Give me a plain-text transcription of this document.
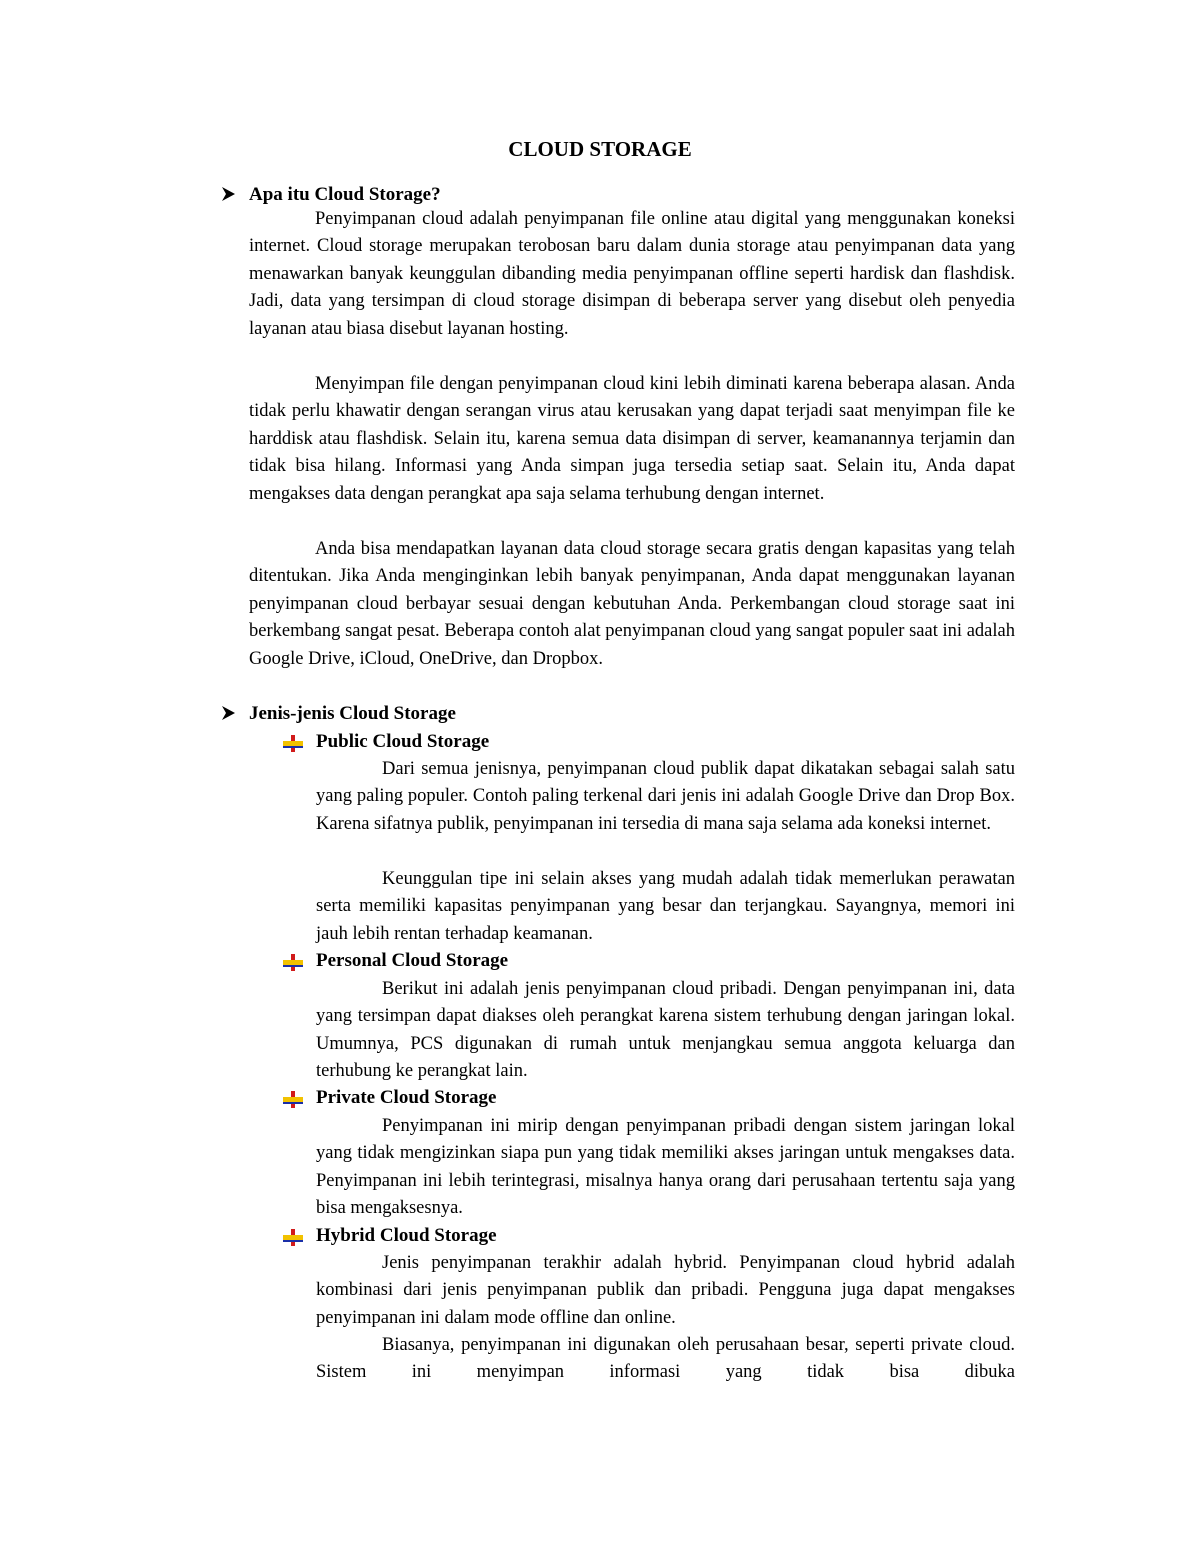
CLOUD STORAGE
Apa itu Cloud Storage?

Penyimpanan cloud adalah penyimpanan file online atau digital yang menggunakan koneksi internet. Cloud storage merupakan terobosan baru dalam dunia storage atau penyimpanan data yang menawarkan banyak keunggulan dibanding media penyimpanan offline seperti hardisk dan flashdisk. Jadi, data yang tersimpan di cloud storage disimpan di beberapa server yang disebut oleh penyedia layanan atau biasa disebut layanan hosting.

Menyimpan file dengan penyimpanan cloud kini lebih diminati karena beberapa alasan. Anda tidak perlu khawatir dengan serangan virus atau kerusakan yang dapat terjadi saat menyimpan file ke harddisk atau flashdisk. Selain itu, karena semua data disimpan di server, keamanannya terjamin dan tidak bisa hilang. Informasi yang Anda simpan juga tersedia setiap saat. Selain itu, Anda dapat mengakses data dengan perangkat apa saja selama terhubung dengan internet.

Anda bisa mendapatkan layanan data cloud storage secara gratis dengan kapasitas yang telah ditentukan. Jika Anda menginginkan lebih banyak penyimpanan, Anda dapat menggunakan layanan penyimpanan cloud berbayar sesuai dengan kebutuhan Anda. Perkembangan cloud storage saat ini berkembang sangat pesat. Beberapa contoh alat penyimpanan cloud yang sangat populer saat ini adalah Google Drive, iCloud, OneDrive, dan Dropbox.

Jenis-jenis Cloud Storage
Public Cloud Storage

Dari semua jenisnya, penyimpanan cloud publik dapat dikatakan sebagai salah satu yang paling populer. Contoh paling terkenal dari jenis ini adalah Google Drive dan Drop Box. Karena sifatnya publik, penyimpanan ini tersedia di mana saja selama ada koneksi internet.

Keunggulan tipe ini selain akses yang mudah adalah tidak memerlukan perawatan serta memiliki kapasitas penyimpanan yang besar dan terjangkau. Sayangnya, memori ini jauh lebih rentan terhadap keamanan.

Personal Cloud Storage

Berikut ini adalah jenis penyimpanan cloud pribadi. Dengan penyimpanan ini, data yang tersimpan dapat diakses oleh perangkat karena sistem terhubung dengan jaringan lokal. Umumnya, PCS digunakan di rumah untuk menjangkau semua anggota keluarga dan terhubung ke perangkat lain.

Private Cloud Storage

Penyimpanan ini mirip dengan penyimpanan pribadi dengan sistem jaringan lokal yang tidak mengizinkan siapa pun yang tidak memiliki akses jaringan untuk mengakses data. Penyimpanan ini lebih terintegrasi, misalnya hanya orang dari perusahaan tertentu saja yang bisa mengaksesnya.

Hybrid Cloud Storage

Jenis penyimpanan terakhir adalah hybrid. Penyimpanan cloud hybrid adalah kombinasi dari jenis penyimpanan publik dan pribadi. Pengguna juga dapat mengakses penyimpanan ini dalam mode offline dan online.

Biasanya, penyimpanan ini digunakan oleh perusahaan besar, seperti private cloud. Sistem ini menyimpan informasi yang tidak bisa dibuka
